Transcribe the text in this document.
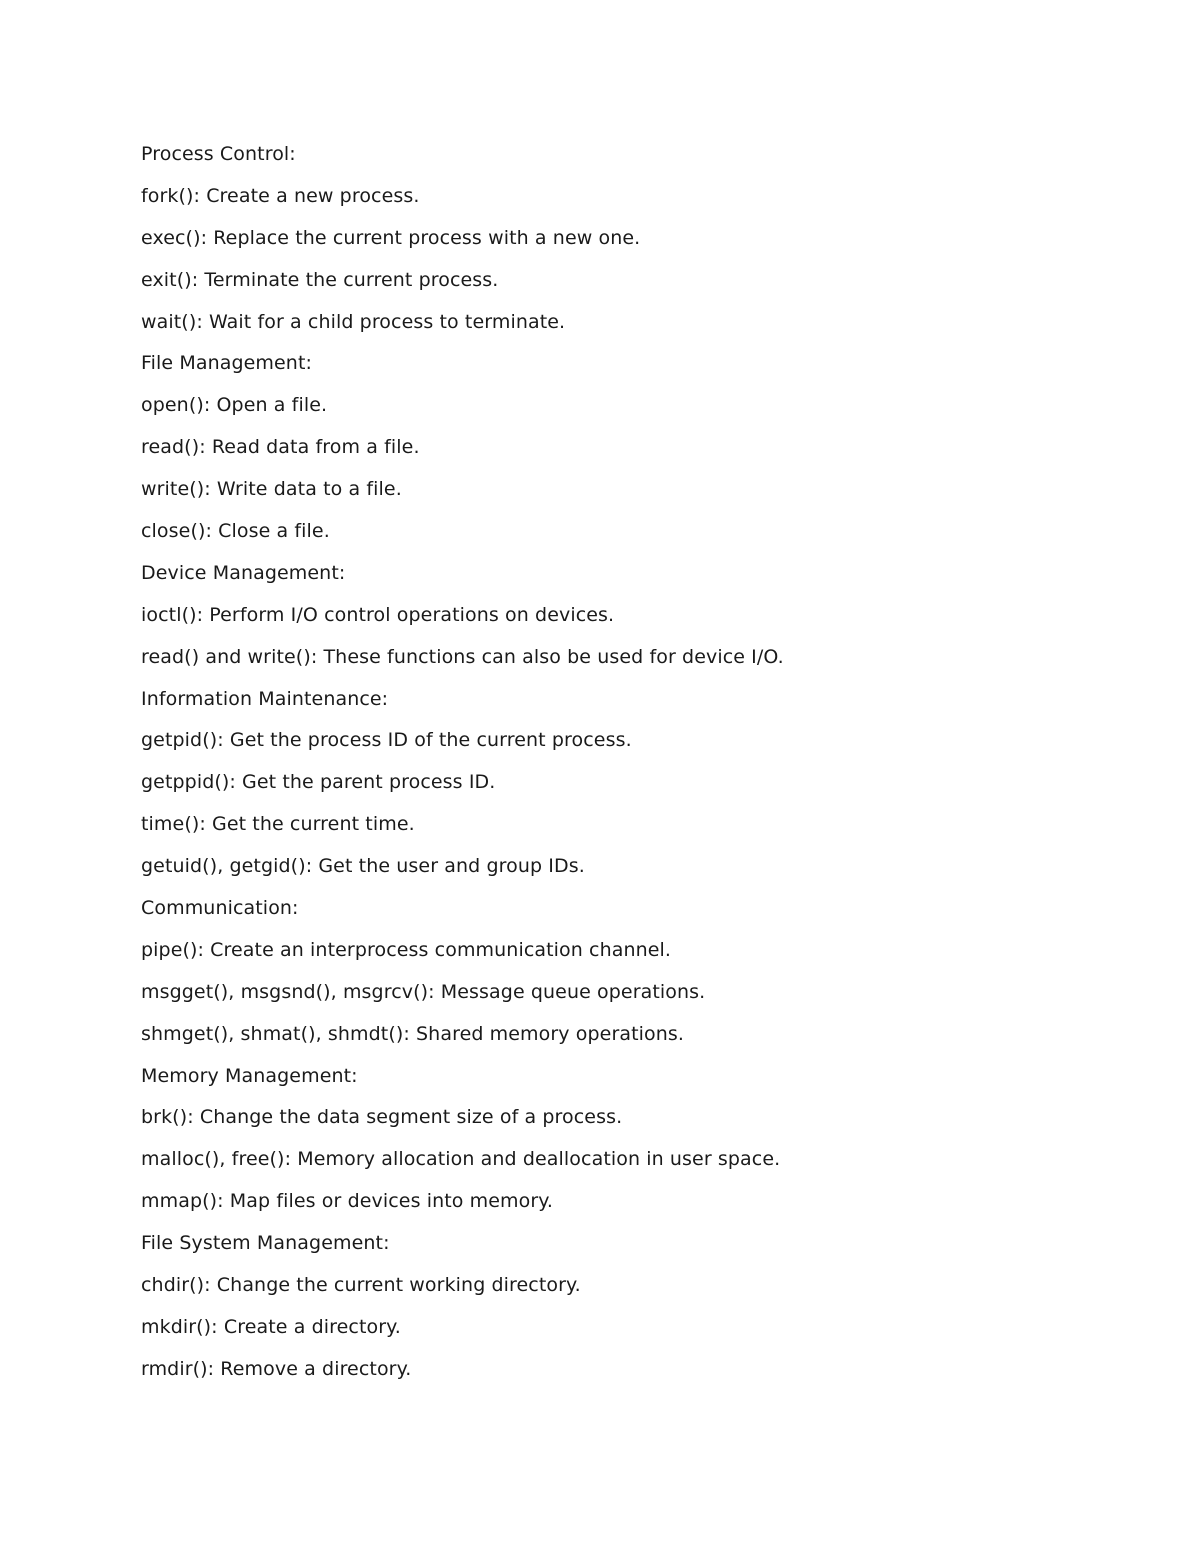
Process Control:
fork(): Create a new process.
exec(): Replace the current process with a new one.
exit(): Terminate the current process.
wait(): Wait for a child process to terminate.
File Management:
open(): Open a file.
read(): Read data from a file.
write(): Write data to a file.
close(): Close a file.
Device Management:
ioctl(): Perform I/O control operations on devices.
read() and write(): These functions can also be used for device I/O.
Information Maintenance:
getpid(): Get the process ID of the current process.
getppid(): Get the parent process ID.
time(): Get the current time.
getuid(), getgid(): Get the user and group IDs.
Communication:
pipe(): Create an interprocess communication channel.
msgget(), msgsnd(), msgrcv(): Message queue operations.
shmget(), shmat(), shmdt(): Shared memory operations.
Memory Management:
brk(): Change the data segment size of a process.
malloc(), free(): Memory allocation and deallocation in user space.
mmap(): Map files or devices into memory.
File System Management:
chdir(): Change the current working directory.
mkdir(): Create a directory.
rmdir(): Remove a directory.
